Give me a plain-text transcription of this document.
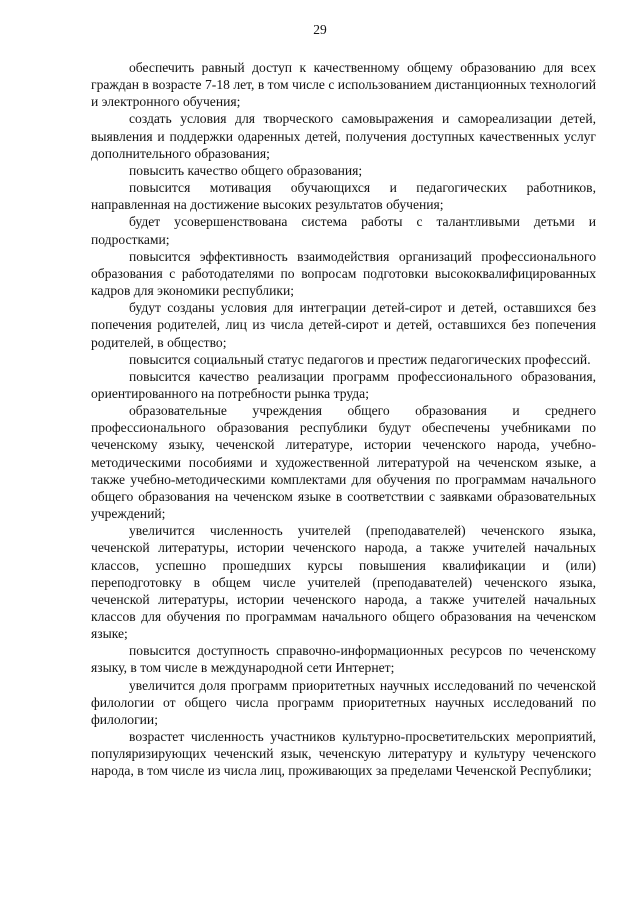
29

обеспечить равный доступ к качественному общему образованию для всех граждан в возрасте 7-18 лет, в том числе с использованием дистанционных технологий и электронного обучения;

создать условия для творческого самовыражения и самореализации детей, выявления и поддержки одаренных детей, получения доступных качественных услуг дополнительного образования;

повысить качество общего образования;

повысится мотивация обучающихся и педагогических работников, направленная на достижение высоких результатов обучения;

будет усовершенствована система работы с талантливыми детьми и подростками;

повысится эффективность взаимодействия организаций профессионального образования с работодателями по вопросам подготовки высококвалифицированных кадров для экономики республики;

будут созданы условия для интеграции детей-сирот и детей, оставшихся без попечения родителей, лиц из числа детей-сирот и детей, оставшихся без попечения родителей, в общество;

повысится социальный статус педагогов и престиж педагогических профессий.

повысится качество реализации программ профессионального образования, ориентированного на потребности рынка труда;

образовательные учреждения общего образования и среднего профессионального образования республики будут обеспечены учебниками по чеченскому языку, чеченской литературе, истории чеченского народа, учебно-методическими пособиями и художественной литературой на чеченском языке, а также учебно-методическими комплектами для обучения по программам начального общего образования на чеченском языке в соответствии с заявками образовательных учреждений;

увеличится численность учителей (преподавателей) чеченского языка, чеченской литературы, истории чеченского народа, а также учителей начальных классов, успешно прошедших курсы повышения квалификации и (или) переподготовку в общем числе учителей (преподавателей) чеченского языка, чеченской литературы, истории чеченского народа, а также учителей начальных классов для обучения по программам начального общего образования на чеченском языке;

повысится доступность справочно-информационных ресурсов по чеченскому языку, в том числе в международной сети Интернет;

увеличится доля программ приоритетных научных исследований по чеченской филологии от общего числа программ приоритетных научных исследований по филологии;

возрастет численность участников культурно-просветительских мероприятий, популяризирующих чеченский язык, чеченскую литературу и культуру чеченского народа, в том числе из числа лиц, проживающих за пределами Чеченской Республики;
